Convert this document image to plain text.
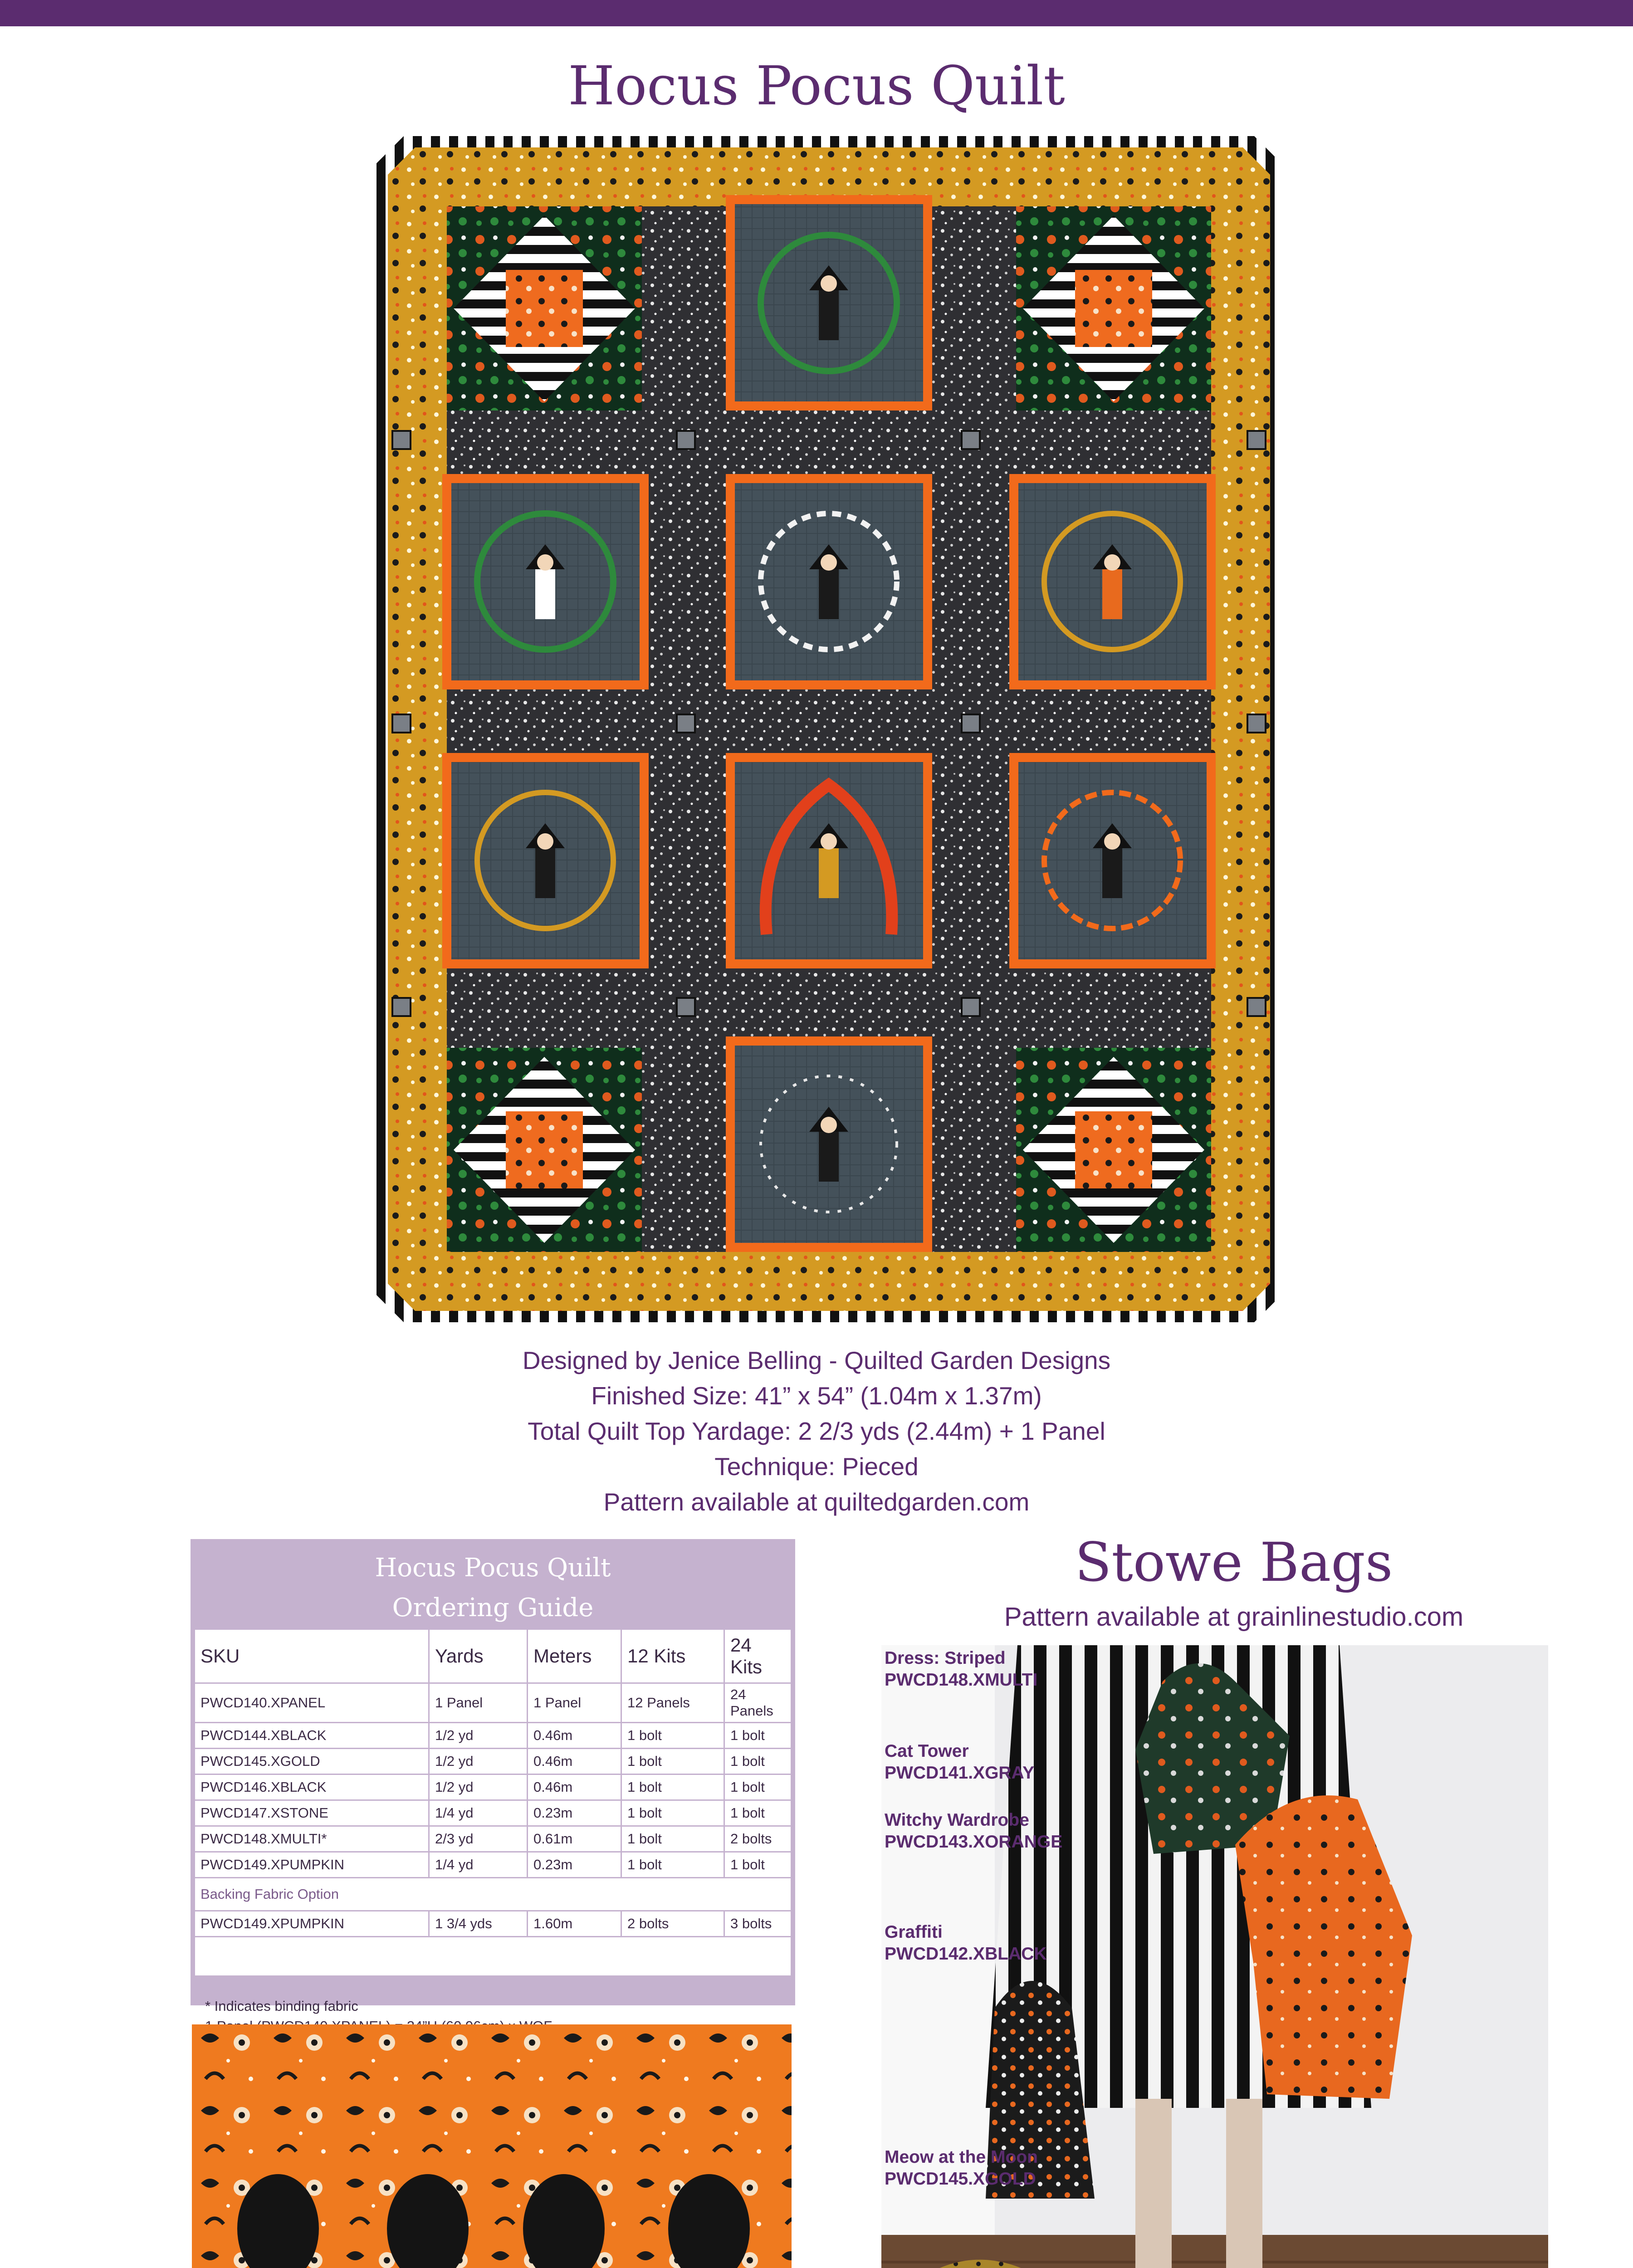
Hocus Pocus Quilt
Designed by Jenice Belling - Quilted Garden Designs
Finished Size: 41” x 54” (1.04m x 1.37m)
Total Quilt Top Yardage: 2 2/3 yds (2.44m) + 1 Panel
Technique: Pieced
Pattern available at quiltedgarden.com
Hocus Pocus Quilt
Ordering Guide
SKU	Yards	Meters	12 Kits	24 Kits
PWCD140.XPANEL	1 Panel	1 Panel	12 Panels	24 Panels
PWCD144.XBLACK	1/2 yd	0.46m	1 bolt	1 bolt
PWCD145.XGOLD	1/2 yd	0.46m	1 bolt	1 bolt
PWCD146.XBLACK	1/2 yd	0.46m	1 bolt	1 bolt
PWCD147.XSTONE	1/4 yd	0.23m	1 bolt	1 bolt
PWCD148.XMULTI*	2/3 yd	0.61m	1 bolt	2 bolts
PWCD149.XPUMPKIN	1/4 yd	0.23m	1 bolt	1 bolt
Backing Fabric Option				
PWCD149.XPUMPKIN	1 3/4 yds	1.60m	2 bolts	3 bolts
* Indicates binding fabric
Stowe Bags
Pattern available at grainlinestudio.com
Dress: Striped
PWCD148.XMULTI
Cat Tower
PWCD141.XGRAY
Witchy Wardrobe
PWCD143.XORANGE
Graffiti
PWCD142.XBLACK
Meow at the Moon
PWCD145.XGOLD
